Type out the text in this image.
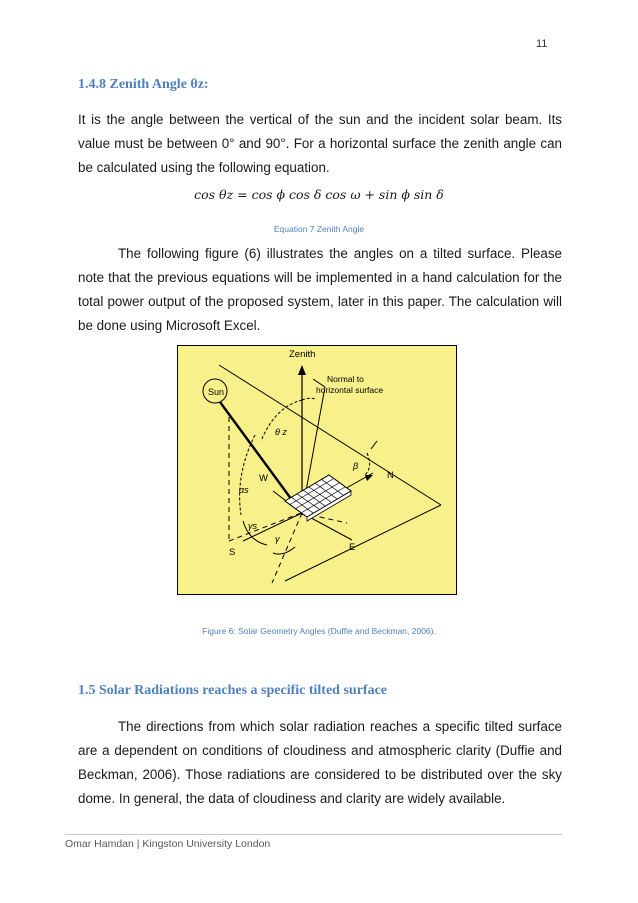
11
1.4.8 Zenith Angle θz:
It is the angle between the vertical of the sun and the incident solar beam. Its value must be between 0° and 90°. For a horizontal surface the zenith angle can be calculated using the following equation.
cos θz = cos ϕ cos δ cos ω + sin ϕ sin δ
Equation 7 Zenith Angle
The following figure (6) illustrates the angles on a tilted surface. Please note that the previous equations will be implemented in a hand calculation for the total power output of the proposed system, later in this paper. The calculation will be done using Microsoft Excel.
Zenith
Sun
Normal to
horizontal surface
θ z
β
N
W
αs
γs
γ
S	E
Figure 6: Solar Geometry Angles (Duffie and Beckman, 2006).
1.5 Solar Radiations reaches a specific tilted surface
The directions from which solar radiation reaches a specific tilted surface are a dependent on conditions of cloudiness and atmospheric clarity (Duffie and Beckman, 2006). Those radiations are considered to be distributed over the sky dome. In general, the data of cloudiness and clarity are widely available.
Omar Hamdan | Kingston University London
